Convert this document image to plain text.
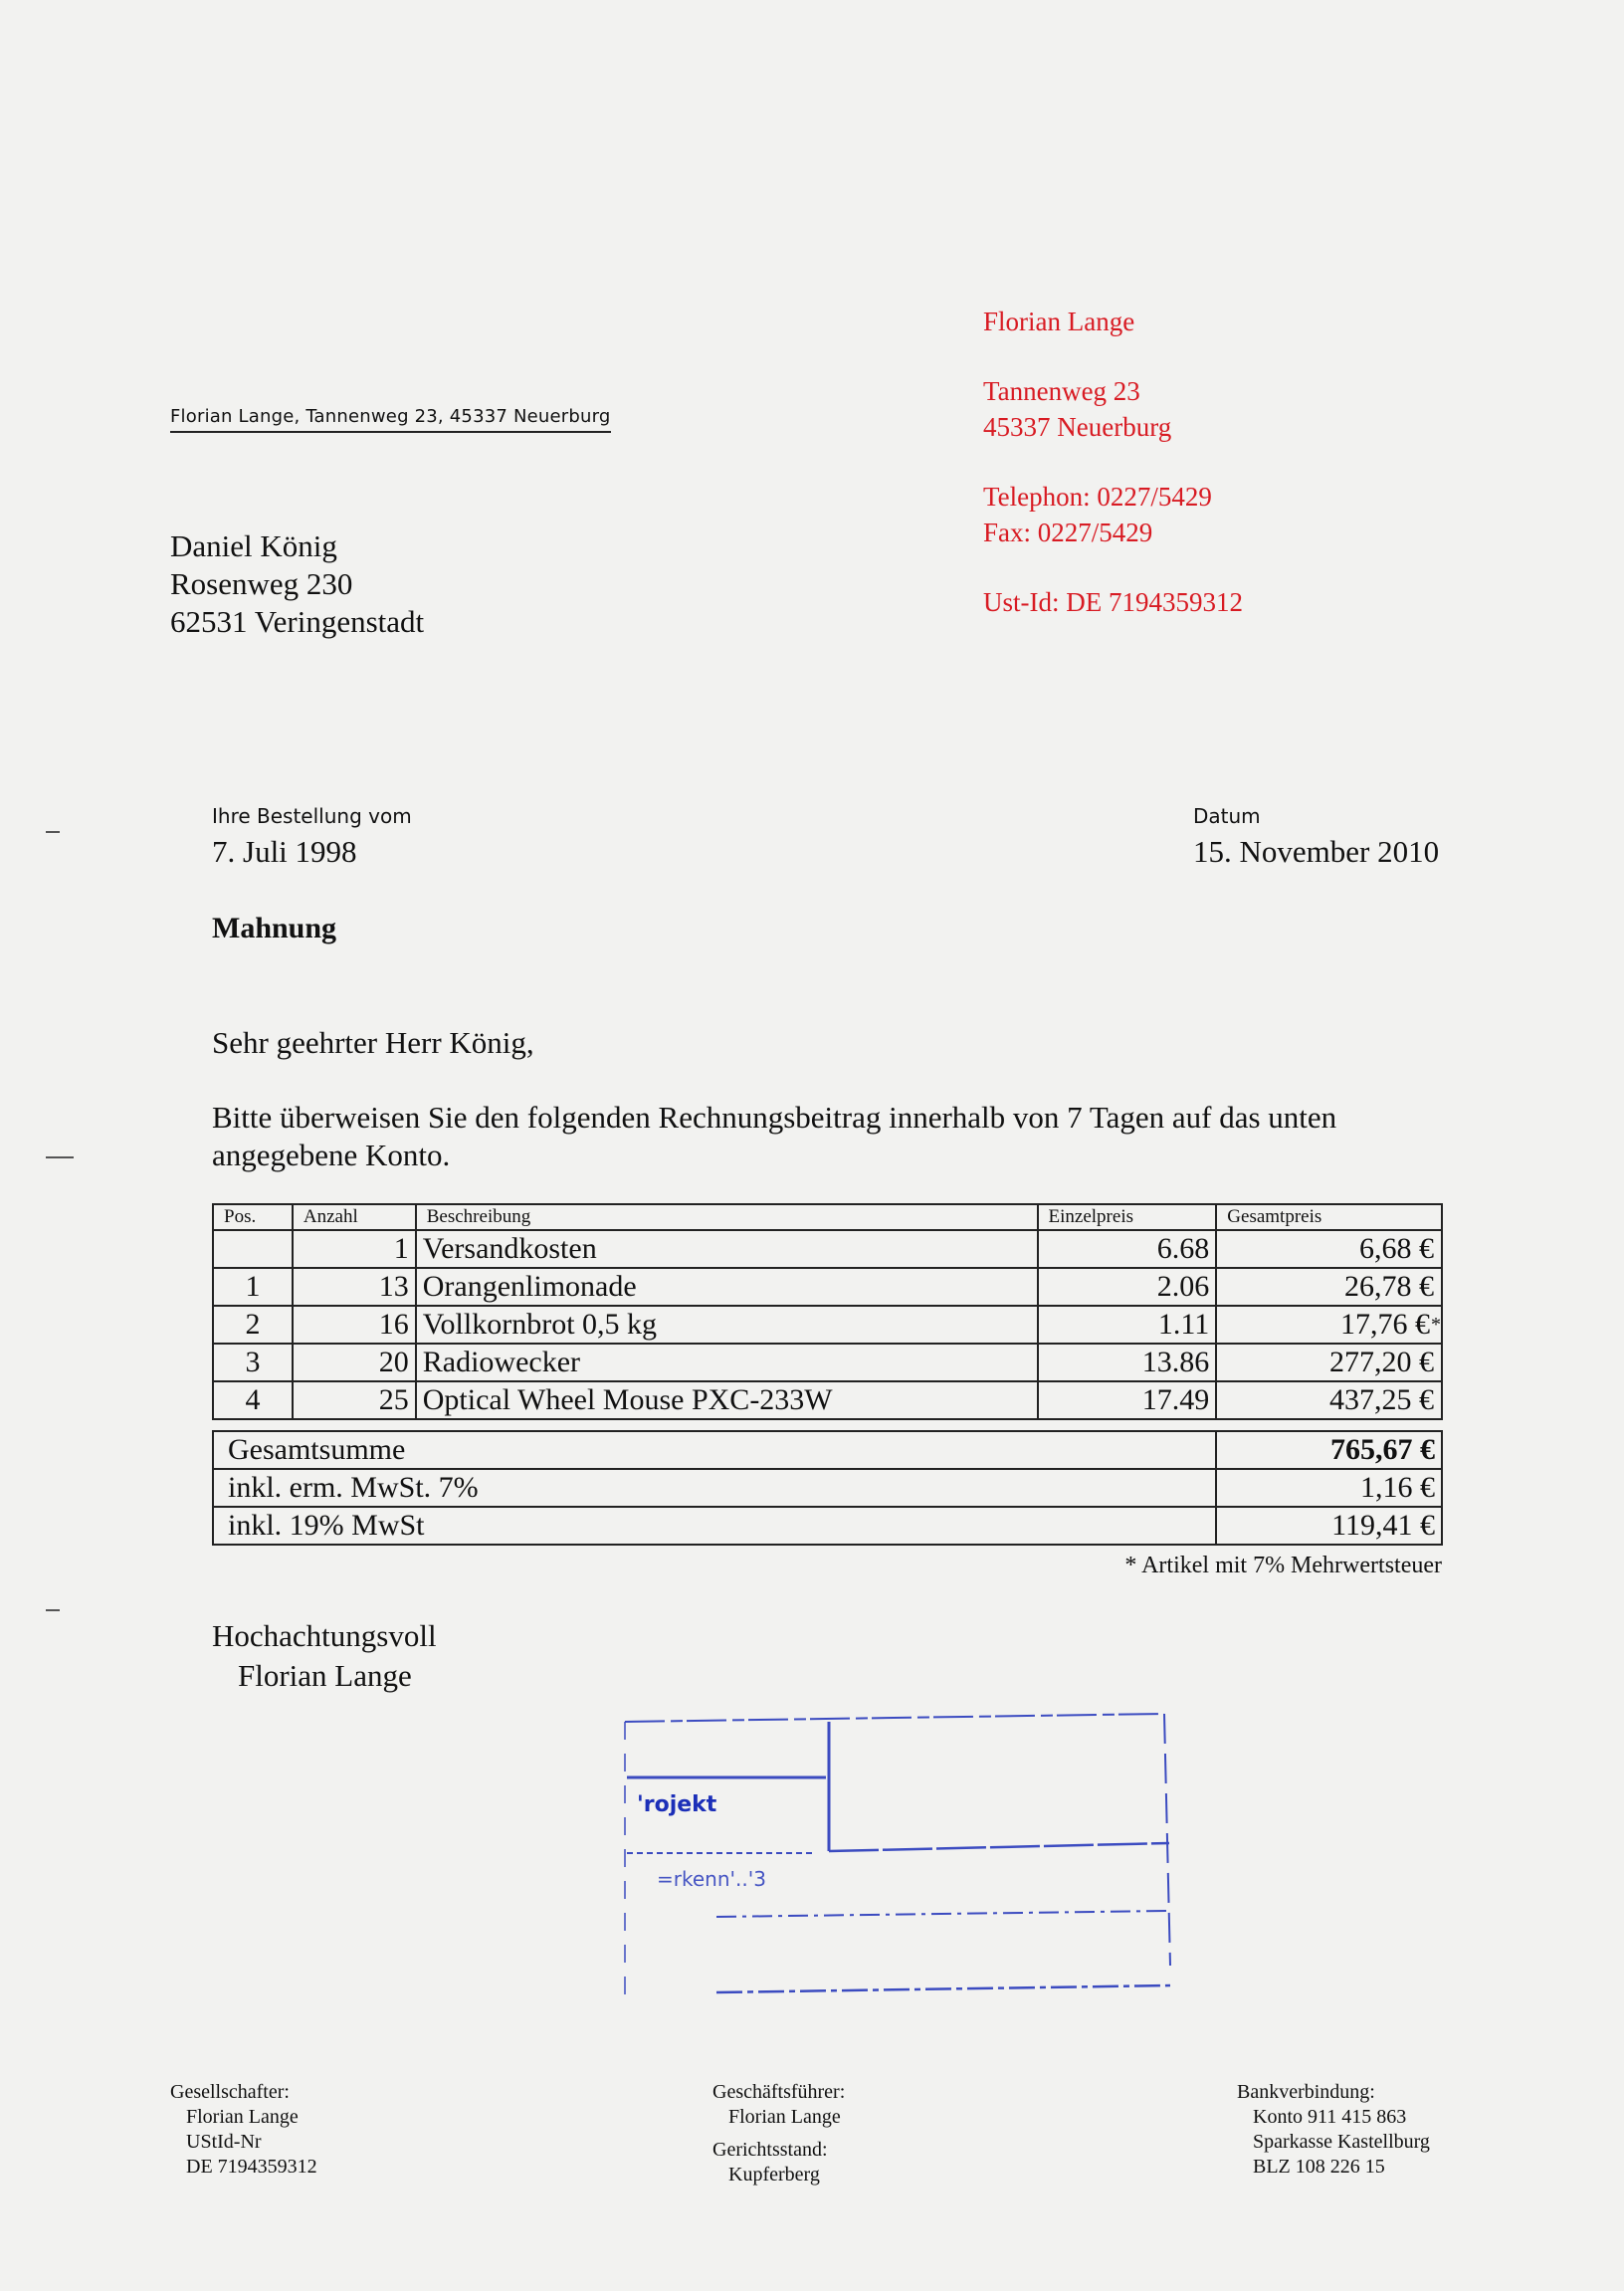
Florian Lange, Tannenweg 23, 45337 Neuerburg
Daniel König
Rosenweg 230
62531 Veringenstadt
Florian Lange
Tannenweg 23
45337 Neuerburg
Telephon: 0227/5429
Fax: 0227/5429
Ust-Id: DE 7194359312
Ihre Bestellung vom
7. Juli 1998
Datum
15. November 2010
Mahnung
Sehr geehrter Herr König,
Bitte überweisen Sie den folgenden Rechnungsbeitrag innerhalb von 7 Tagen auf das unten angegebene Konto.
Pos.	Anzahl	Beschreibung	Einzelpreis	Gesamtpreis
	1	Versandkosten	6.68	6,68 €
1	13	Orangenlimonade	2.06	26,78 €
2	16	Vollkornbrot 0,5 kg	1.11	17,76 €*
3	20	Radiowecker	13.86	277,20 €
4	25	Optical Wheel Mouse PXC-233W	17.49	437,25 €

Gesamtsumme				765,67 €
inkl. erm. MwSt. 7%				1,16 €
inkl. 19% MwSt				119,41 €
* Artikel mit 7% Mehrwertsteuer
Hochachtungsvoll
Florian Lange
'rojekt
=rkenn'..'3
Gesellschafter:
Florian Lange
UStId-Nr
DE 7194359312
Geschäftsführer:
Florian Lange
Gerichtsstand:
Kupferberg
Bankverbindung:
Konto 911 415 863
Sparkasse Kastellburg
BLZ 108 226 15
